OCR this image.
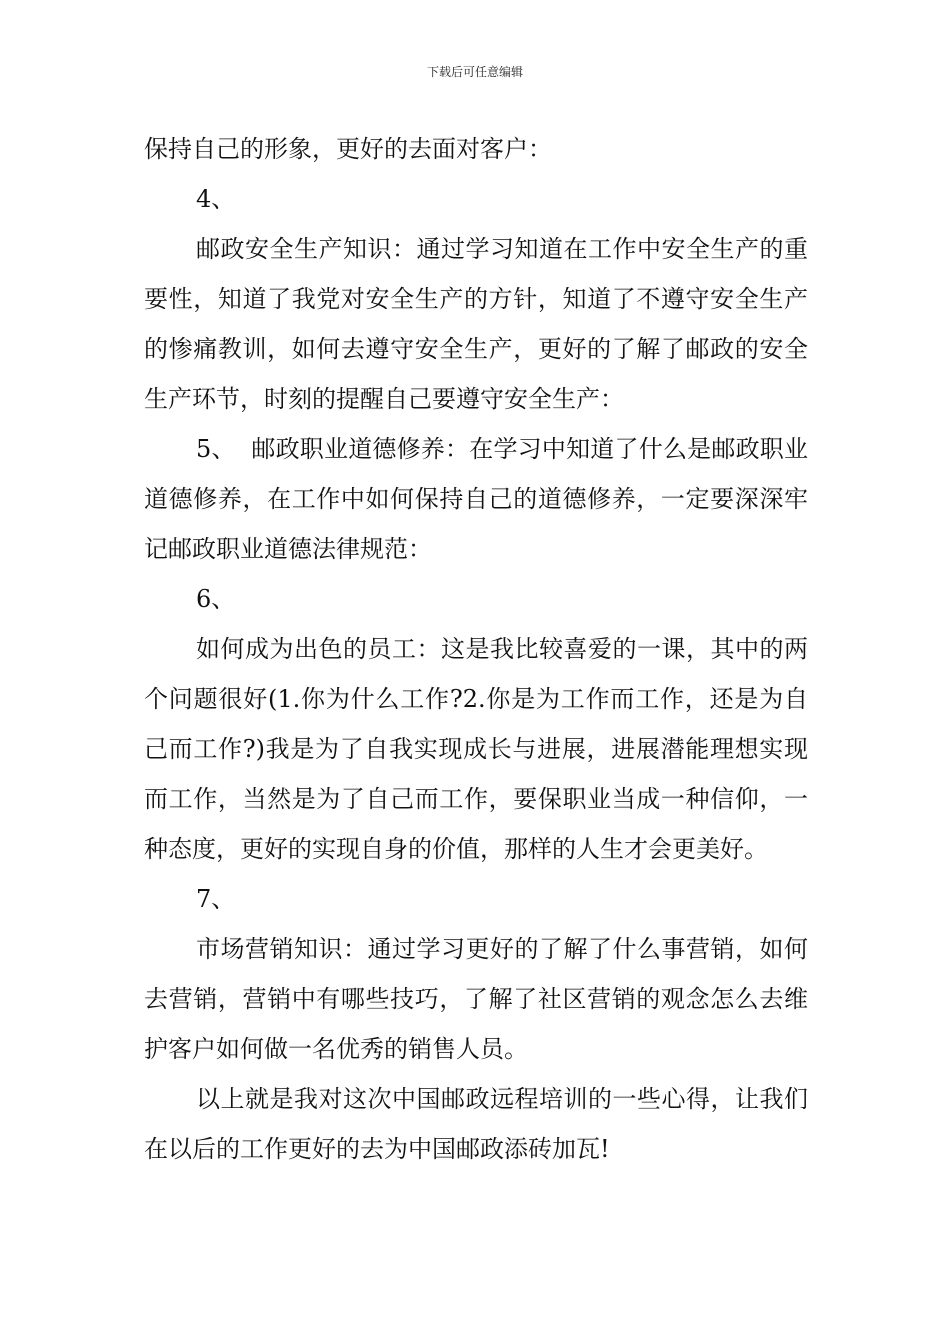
下载后可任意编辑

保持自己的形象，更好的去面对客户：

4、

邮政安全生产知识：通过学习知道在工作中安全生产的重要性，知道了我党对安全生产的方针，知道了不遵守安全生产的惨痛教训，如何去遵守安全生产，更好的了解了邮政的安全生产环节，时刻的提醒自己要遵守安全生产：

5、  邮政职业道德修养：在学习中知道了什么是邮政职业道德修养，在工作中如何保持自己的道德修养，一定要深深牢记邮政职业道德法律规范：

6、

如何成为出色的员工：这是我比较喜爱的一课，其中的两个问题很好(1.你为什么工作?2.你是为工作而工作，还是为自己而工作?)我是为了自我实现成长与进展，进展潜能理想实现而工作，当然是为了自己而工作，要保职业当成一种信仰，一种态度，更好的实现自身的价值，那样的人生才会更美好。

7、

市场营销知识：通过学习更好的了解了什么事营销，如何去营销，营销中有哪些技巧，了解了社区营销的观念怎么去维护客户如何做一名优秀的销售人员。

以上就是我对这次中国邮政远程培训的一些心得，让我们在以后的工作更好的去为中国邮政添砖加瓦!
